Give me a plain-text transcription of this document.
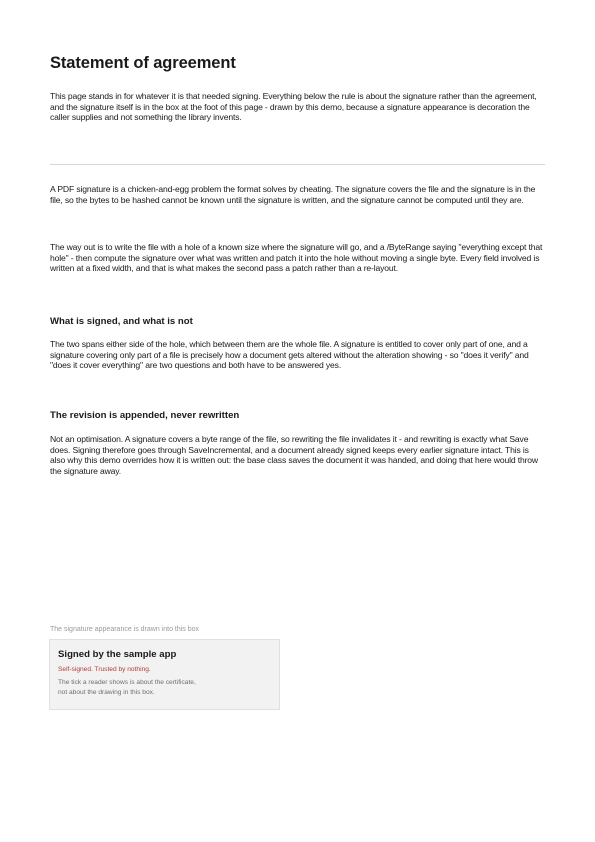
Statement of agreement

This page stands in for whatever it is that needed signing. Everything below the rule is about the signature rather than the agreement, and the signature itself is in the box at the foot of this page - drawn by this demo, because a signature appearance is decoration the caller supplies and not something the library invents.

A PDF signature is a chicken-and-egg problem the format solves by cheating. The signature covers the file and the signature is in the file, so the bytes to be hashed cannot be known until the signature is written, and the signature cannot be computed until they are.

The way out is to write the file with a hole of a known size where the signature will go, and a /ByteRange saying "everything except that hole" - then compute the signature over what was written and patch it into the hole without moving a single byte. Every field involved is written at a fixed width, and that is what makes the second pass a patch rather than a re-layout.

What is signed, and what is not

The two spans either side of the hole, which between them are the whole file. A signature is entitled to cover only part of one, and a signature covering only part of a file is precisely how a document gets altered without the alteration showing - so "does it verify" and "does it cover everything" are two questions and both have to be answered yes.

The revision is appended, never rewritten

Not an optimisation. A signature covers a byte range of the file, so rewriting the file invalidates it - and rewriting is exactly what Save does. Signing therefore goes through SaveIncremental, and a document already signed keeps every earlier signature intact. This is also why this demo overrides how it is written out: the base class saves the document it was handed, and doing that here would throw the signature away.

The signature appearance is drawn into this box

Signed by the sample app

Self-signed. Trusted by nothing.

The tick a reader shows is about the certificate,

not about the drawing in this box.
